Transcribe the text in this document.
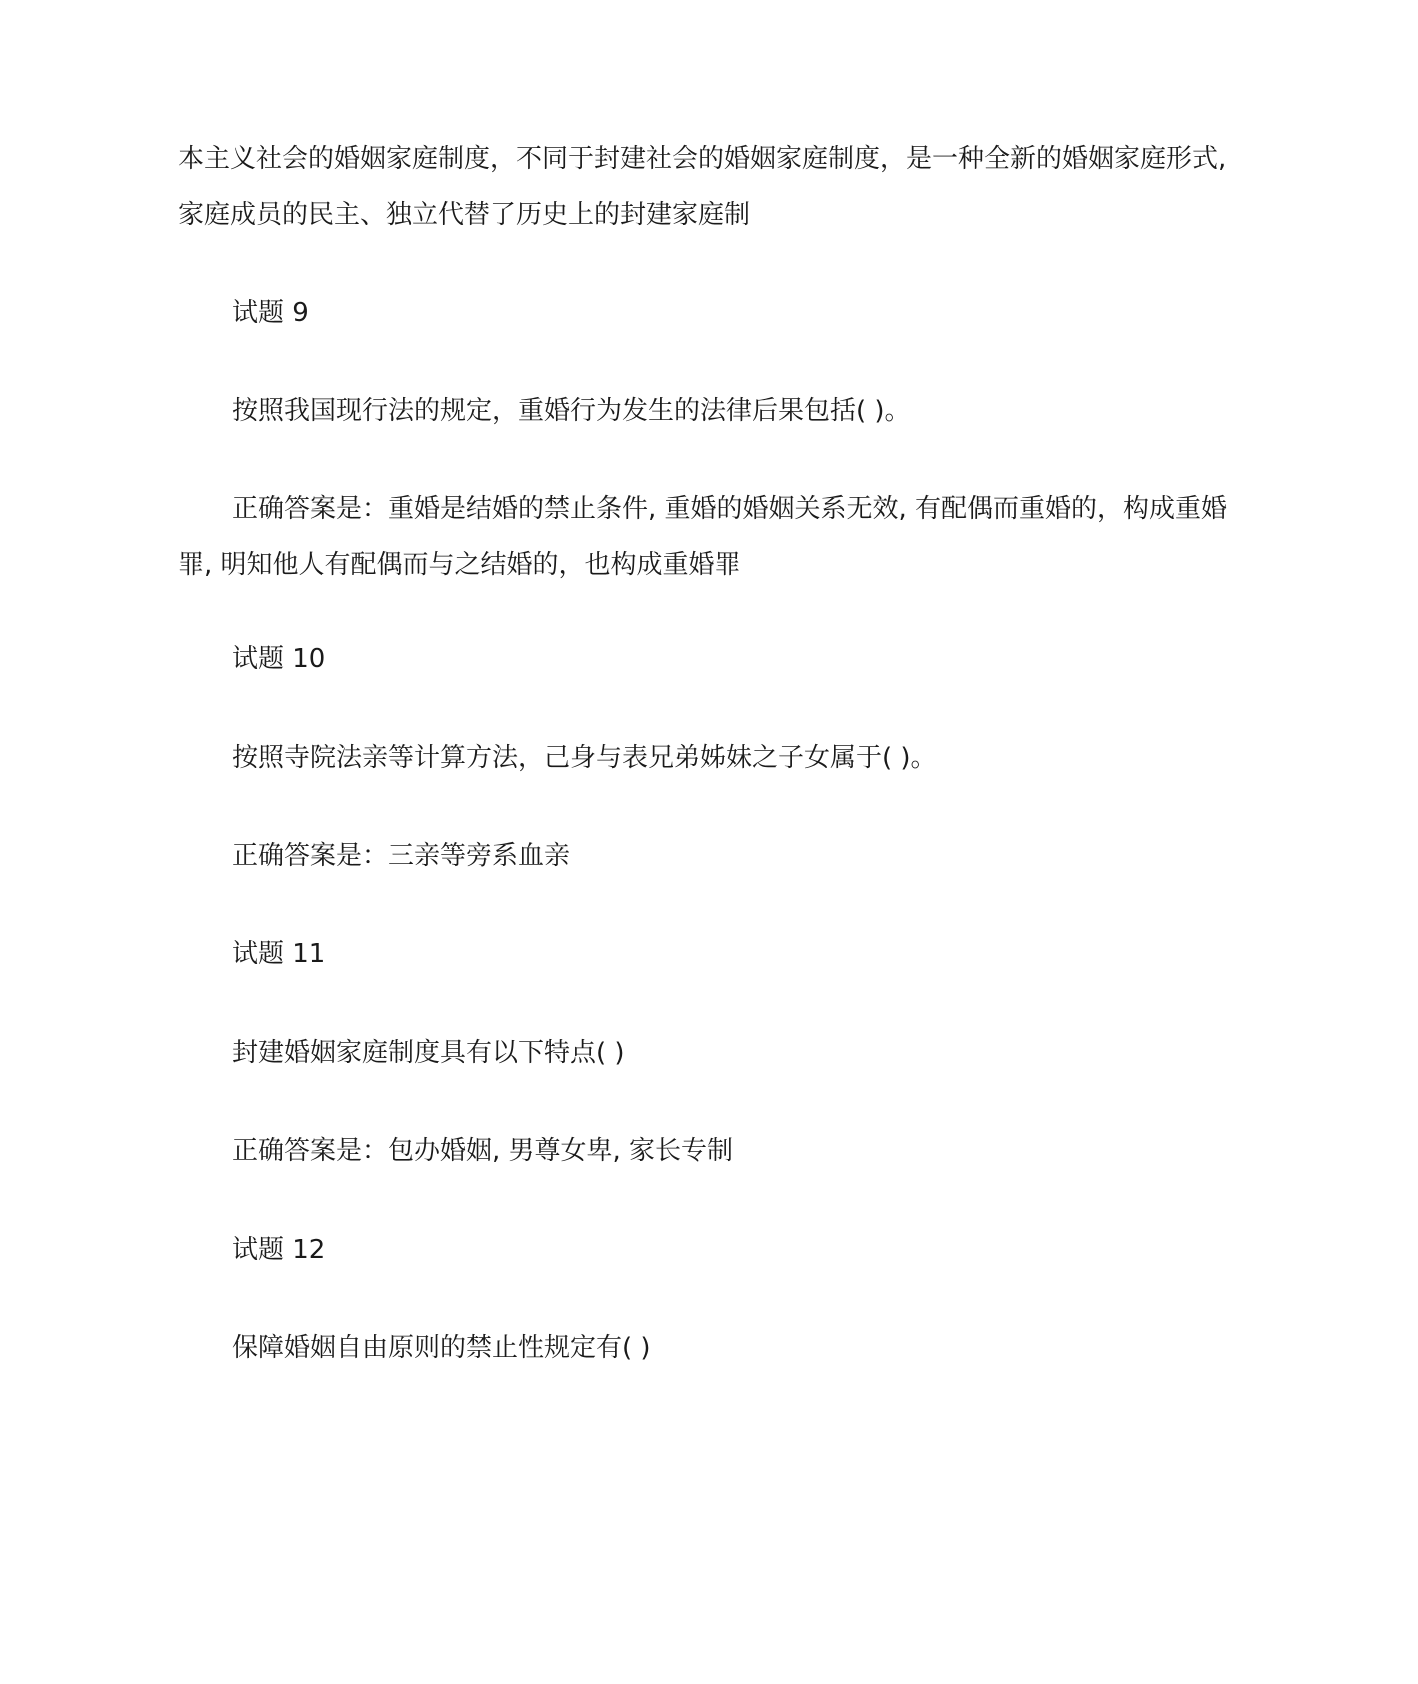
本主义社会的婚姻家庭制度，不同于封建社会的婚姻家庭制度，是一种全新的婚姻家庭形式, 家庭成员的民主、独立代替了历史上的封建家庭制
试题 9
按照我国现行法的规定，重婚行为发生的法律后果包括( )。
正确答案是：重婚是结婚的禁止条件, 重婚的婚姻关系无效, 有配偶而重婚的，构成重婚罪, 明知他人有配偶而与之结婚的，也构成重婚罪
试题 10
按照寺院法亲等计算方法，己身与表兄弟姊妹之子女属于( )。
正确答案是：三亲等旁系血亲
试题 11
封建婚姻家庭制度具有以下特点( )
正确答案是：包办婚姻, 男尊女卑, 家长专制
试题 12
保障婚姻自由原则的禁止性规定有( )
